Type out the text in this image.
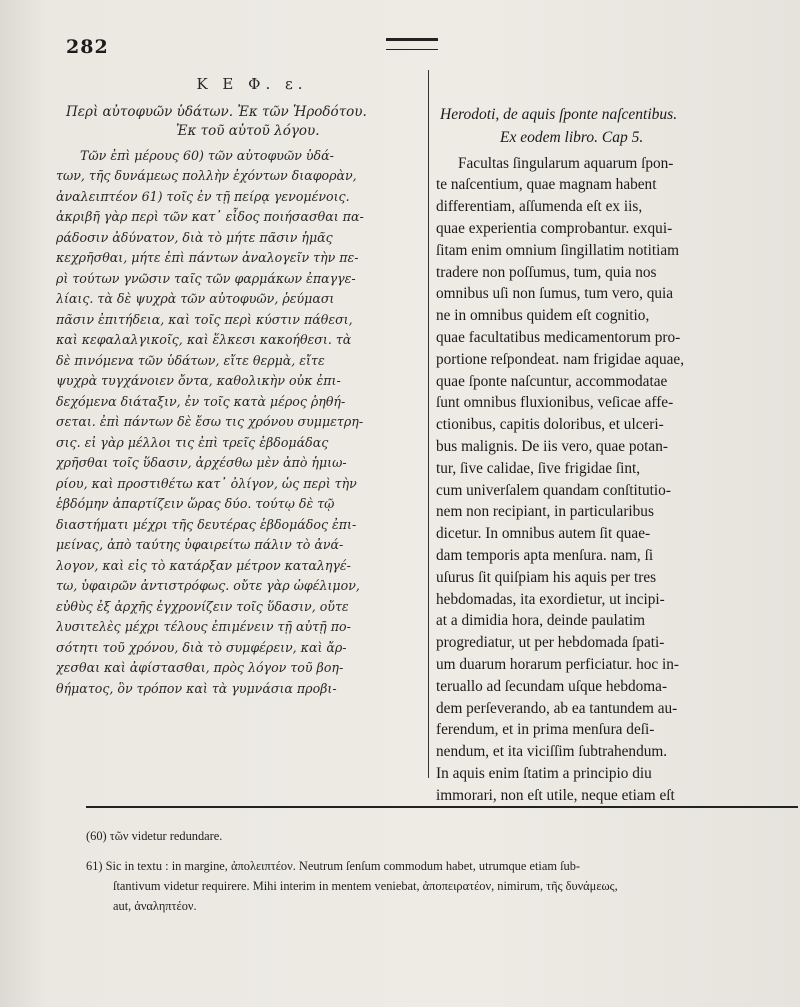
282
Κ Ε Φ. ε.
Περὶ αὐτοφυῶν ὑδάτων. Ἐκ τῶν Ἡροδότου.
Ἐκ τοῦ αὐτοῦ λόγου.
Τῶν ἐπὶ μέρους 60) τῶν αὐτοφυῶν ὑδά-
των, τῆς δυνάμεως πολλὴν ἐχόντων διαφορὰν,
ἀναλειπτέον 61) τοῖς ἐν τῇ πείρᾳ γενομένοις.
ἀκριβῆ γὰρ περὶ τῶν κατ᾽ εἶδος ποιήσασθαι πα-
ράδοσιν ἀδύνατον, διὰ τὸ μήτε πᾶσιν ἡμᾶς
κεχρῆσθαι, μήτε ἐπὶ πάντων ἀναλογεῖν τὴν πε-
ρὶ τούτων γνῶσιν ταῖς τῶν φαρμάκων ἐπαγγε-
λίαις. τὰ δὲ ψυχρὰ τῶν αὐτοφυῶν, ῥεύμασι
πᾶσιν ἐπιτήδεια, καὶ τοῖς περὶ κύστιν πάθεσι,
καὶ κεφαλαλγικοῖς, καὶ ἕλκεσι κακοήθεσι. τὰ
δὲ πινόμενα τῶν ὑδάτων, εἴτε θερμὰ, εἴτε
ψυχρὰ τυγχάνοιεν ὄντα, καθολικὴν οὐκ ἐπι-
δεχόμενα διάταξιν, ἐν τοῖς κατὰ μέρος ῥηθή-
σεται. ἐπὶ πάντων δὲ ἔσω τις χρόνου συμμετρη-
σις. εἰ γὰρ μέλλοι τις ἐπὶ τρεῖς ἑβδομάδας
χρῆσθαι τοῖς ὕδασιν, ἀρχέσθω μὲν ἀπὸ ἡμιω-
ρίου, καὶ προστιθέτω κατ᾽ ὀλίγον, ὡς περὶ τὴν
ἑβδόμην ἀπαρτίζειν ὥρας δύο. τούτῳ δὲ τῷ
διαστήματι μέχρι τῆς δευτέρας ἑβδομάδος ἐπι-
μείνας, ἀπὸ ταύτης ὑφαιρείτω πάλιν τὸ ἀνά-
λογον, καὶ εἰς τὸ κατάρξαν μέτρον καταληγέ-
τω, ὑφαιρῶν ἀντιστρόφως. οὔτε γὰρ ὠφέλιμον,
εὐθὺς ἐξ ἀρχῆς ἐγχρονίζειν τοῖς ὕδασιν, οὔτε
λυσιτελὲς μέχρι τέλους ἐπιμένειν τῇ αὐτῇ πο-
σότητι τοῦ χρόνου, διὰ τὸ συμφέρειν, καὶ ἄρ-
χεσθαι καὶ ἀφίστασθαι, πρὸς λόγον τοῦ βοη-
θήματος, ὃν τρόπον καὶ τὰ γυμνάσια προβι-
Herodoti, de aquis ſponte naſcentibus.
Ex eodem libro. Cap 5.
Facultas ſingularum aquarum ſpon-
te naſcentium, quae magnam habent
differentiam, aſſumenda eſt ex iis,
quae experientia comprobantur. exqui-
ſitam enim omnium ſingillatim notitiam
tradere non poſſumus, tum, quia nos
omnibus uſi non ſumus, tum vero, quia
ne in omnibus quidem eſt cognitio,
quae facultatibus medicamentorum pro-
portione reſpondeat. nam frigidae aquae,
quae ſponte naſcuntur, accommodatae
ſunt omnibus fluxionibus, veſicae affe-
ctionibus, capitis doloribus, et ulceri-
bus malignis. De iis vero, quae potan-
tur, ſive calidae, ſive frigidae ſint,
cum univerſalem quandam conſtitutio-
nem non recipiant, in particularibus
dicetur. In omnibus autem ſit quae-
dam temporis apta menſura. nam, ſi
uſurus ſit quiſpiam his aquis per tres
hebdomadas, ita exordietur, ut incipi-
at a dimidia hora, deinde paulatim
progrediatur, ut per hebdomada ſpati-
um duarum horarum perficiatur. hoc in-
teruallo ad ſecundam uſque hebdoma-
dem perſeverando, ab ea tantundem au-
ferendum, et in prima menſura deſi-
nendum, et ita viciſſim ſubtrahendum.
In aquis enim ſtatim a principio diu
immorari, non eſt utile, neque etiam eſt
(60) τῶν videtur redundare.
61) Sic in textu : in margine, ἀπολειπτέον. Neutrum ſenſum commodum habet, utrumque etiam ſub-
ſtantivum videtur requirere. Mihi interim in mentem veniebat, ἀποπειρατέον, nimirum, τῆς δυνάμεως,
aut, ἀναληπτέον.
